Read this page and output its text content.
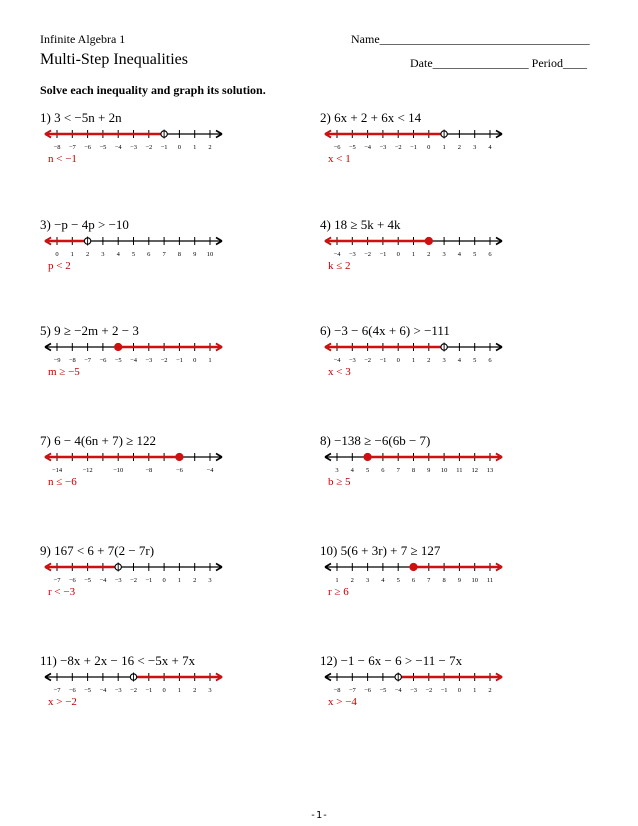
Infinite Algebra 1	Name___________________________________
Multi-Step Inequalities	Date________________ Period____
Solve each inequality and graph its solution.
1) 3 < −5n + 2n
−8 −7 −6 −5 −4 −3 −2 −1 0 1 2
n < −1
2) 6x + 2 + 6x < 14
−6 −5 −4 −3 −2 −1 0 1 2 3 4
x < 1
3) −p − 4p > −10
0 1 2 3 4 5 6 7 8 9 10
p < 2
4) 18 ≥ 5k + 4k
−4 −3 −2 −1 0 1 2 3 4 5 6
k ≤ 2
5) 9 ≥ −2m + 2 − 3
−9 −8 −7 −6 −5 −4 −3 −2 −1 0 1
m ≥ −5
6) −3 − 6(4x + 6) > −111
−4 −3 −2 −1 0 1 2 3 4 5 6
x < 3
7) 6 − 4(6n + 7) ≥ 122
−14	−12	−10	−8	−6	−4
n ≤ −6
8) −138 ≥ −6(6b − 7)
3 4 5 6 7 8 9 10 11 12 13
b ≥ 5
9) 167 < 6 + 7(2 − 7r)
−7 −6 −5 −4 −3 −2 −1 0 1 2 3
r < −3
10) 5(6 + 3r) + 7 ≥ 127
1 2 3 4 5 6 7 8 9 10 11
r ≥ 6
11) −8x + 2x − 16 < −5x + 7x
−7 −6 −5 −4 −3 −2 −1 0 1 2 3
x > −2
12) −1 − 6x − 6 > −11 − 7x
−8 −7 −6 −5 −4 −3 −2 −1 0 1 2
x > −4
-1-
